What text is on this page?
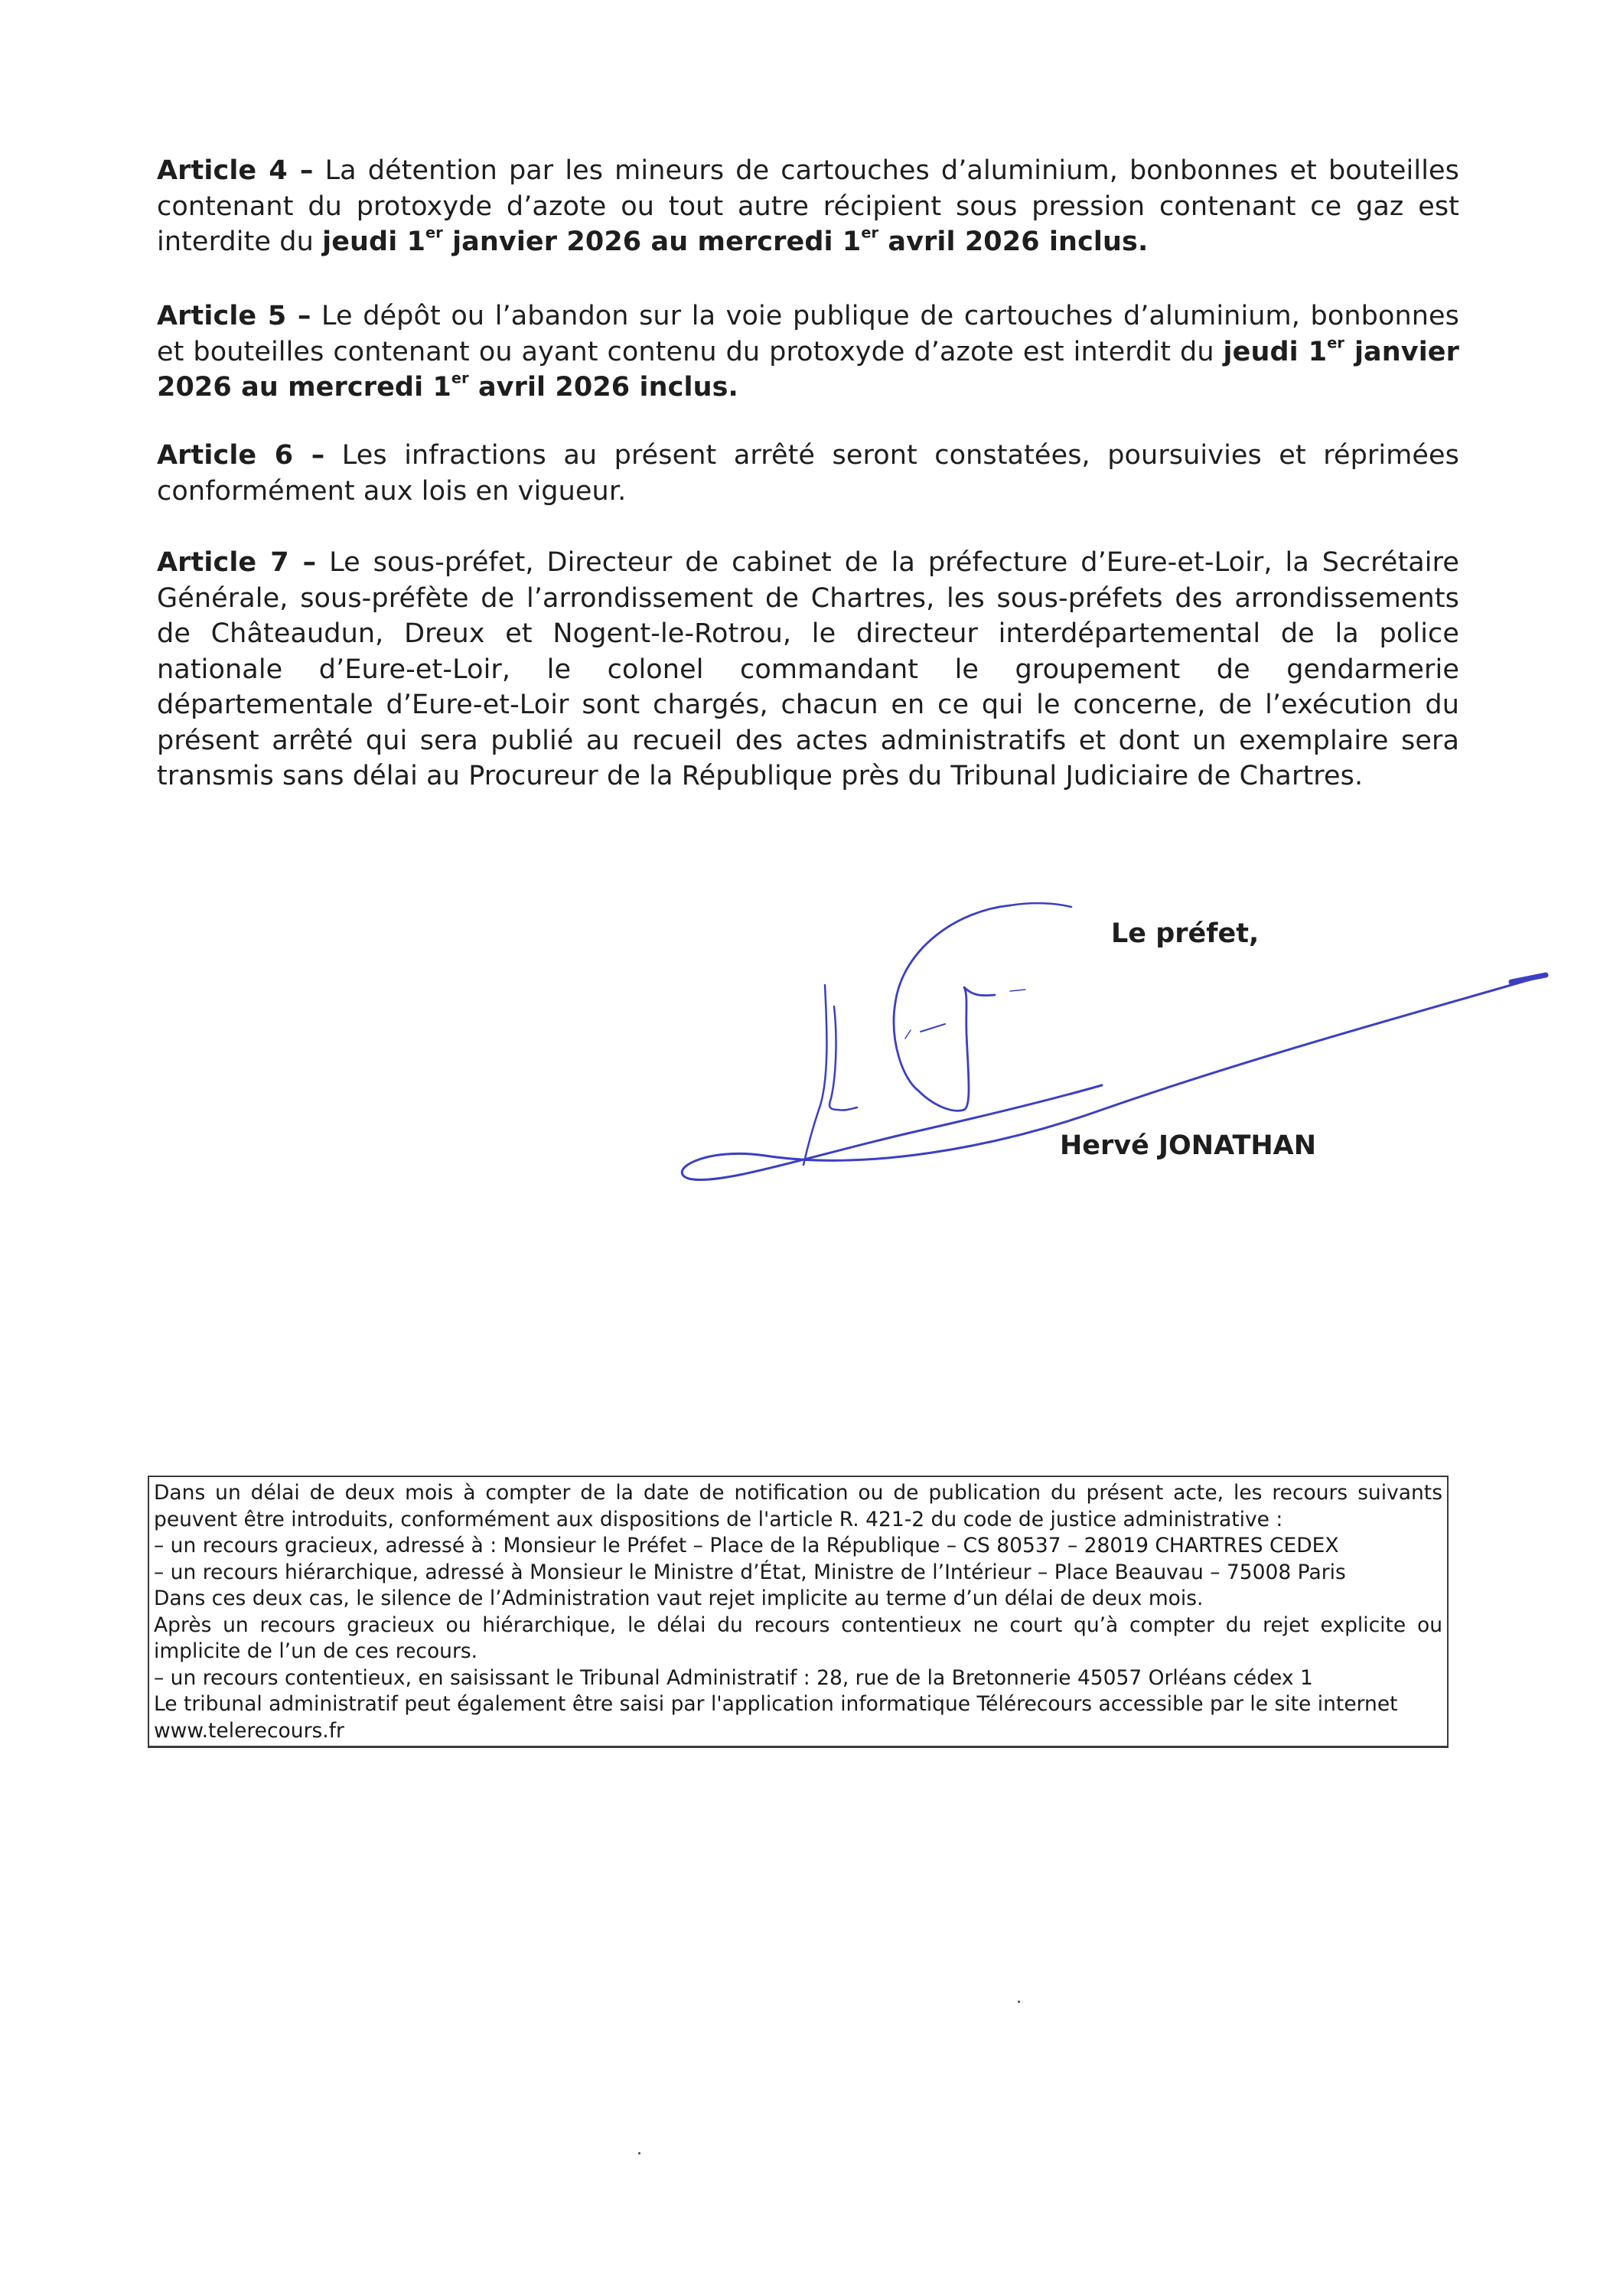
Article 4 – La détention par les mineurs de cartouches d’aluminium, bonbonnes et bouteilles contenant du protoxyde d’azote ou tout autre récipient sous pression contenant ce gaz est interdite du jeudi 1er janvier 2026 au mercredi 1er avril 2026 inclus.
Article 5 – Le dépôt ou l’abandon sur la voie publique de cartouches d’aluminium, bonbonnes et bouteilles contenant ou ayant contenu du protoxyde d’azote est interdit du jeudi 1er janvier 2026 au mercredi 1er avril 2026 inclus.
Article 6 – Les infractions au présent arrêté seront constatées, poursuivies et réprimées conformément aux lois en vigueur.
Article 7 – Le sous-préfet, Directeur de cabinet de la préfecture d’Eure-et-Loir, la Secrétaire Générale, sous-préfète de l’arrondissement de Chartres, les sous-préfets des arrondissements de Châteaudun, Dreux et Nogent-le-Rotrou, le directeur interdépartemental de la police nationale d’Eure-et-Loir, le colonel commandant le groupement de gendarmerie départementale d’Eure-et-Loir sont chargés, chacun en ce qui le concerne, de l’exécution du présent arrêté qui sera publié au recueil des actes administratifs et dont un exemplaire sera transmis sans délai au Procureur de la République près du Tribunal Judiciaire de Chartres.
Le préfet,
Hervé JONATHAN

Dans un délai de deux mois à compter de la date de notification ou de publication du présent acte, les recours suivants peuvent être introduits, conformément aux dispositions de l'article R. 421-2 du code de justice administrative :

– un recours gracieux, adressé à : Monsieur le Préfet – Place de la République – CS 80537 – 28019 CHARTRES CEDEX

– un recours hiérarchique, adressé à Monsieur le Ministre d’État, Ministre de l’Intérieur – Place Beauvau – 75008 Paris

Dans ces deux cas, le silence de l’Administration vaut rejet implicite au terme d’un délai de deux mois.

Après un recours gracieux ou hiérarchique, le délai du recours contentieux ne court qu’à compter du rejet explicite ou implicite de l’un de ces recours.

– un recours contentieux, en saisissant le Tribunal Administratif : 28, rue de la Bretonnerie 45057 Orléans cédex 1

Le tribunal administratif peut également être saisi par l'application informatique Télérecours accessible par le site internet

www.telerecours.fr
